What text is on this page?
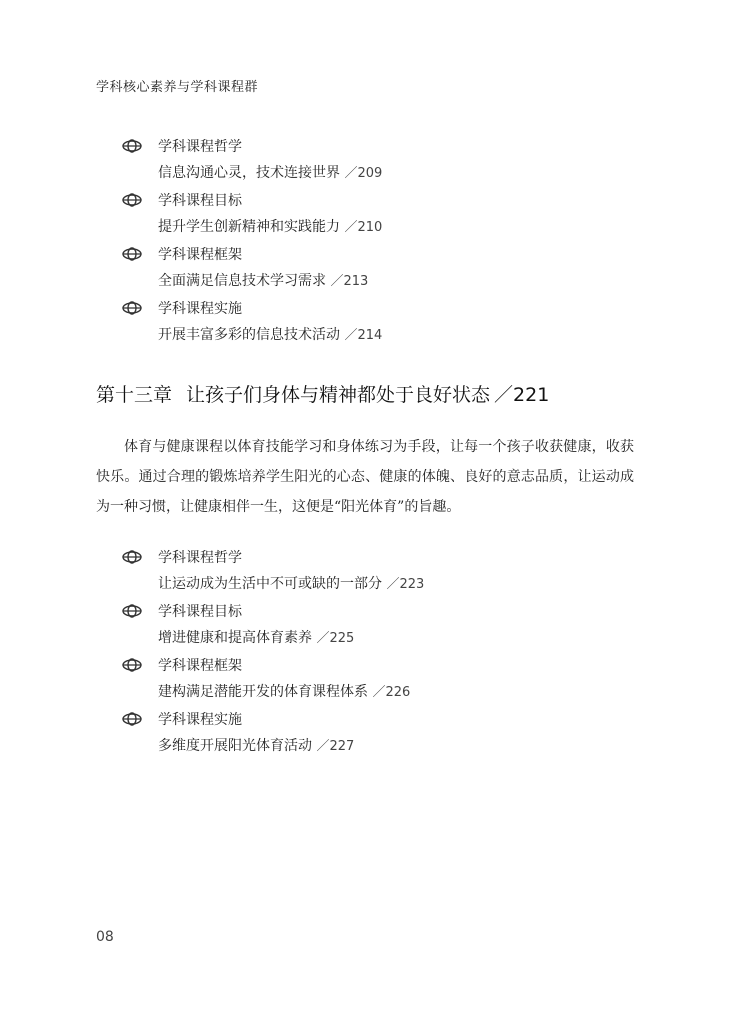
学科核心素养与学科课程群
学科课程哲学
信息沟通心灵，技术连接世界 ／209
学科课程目标
提升学生创新精神和实践能力 ／210
学科课程框架
全面满足信息技术学习需求 ／213
学科课程实施
开展丰富多彩的信息技术活动 ／214
第十三章 让孩子们身体与精神都处于良好状态 ／221

体育与健康课程以体育技能学习和身体练习为手段，让每一个孩子收获健康，收获快乐。通过合理的锻炼培养学生阳光的心态、健康的体魄、良好的意志品质，让运动成为一种习惯，让健康相伴一生，这便是“阳光体育”的旨趣。

学科课程哲学
让运动成为生活中不可或缺的一部分 ／223
学科课程目标
增进健康和提高体育素养 ／225
学科课程框架
建构满足潜能开发的体育课程体系 ／226
学科课程实施
多维度开展阳光体育活动 ／227
08
